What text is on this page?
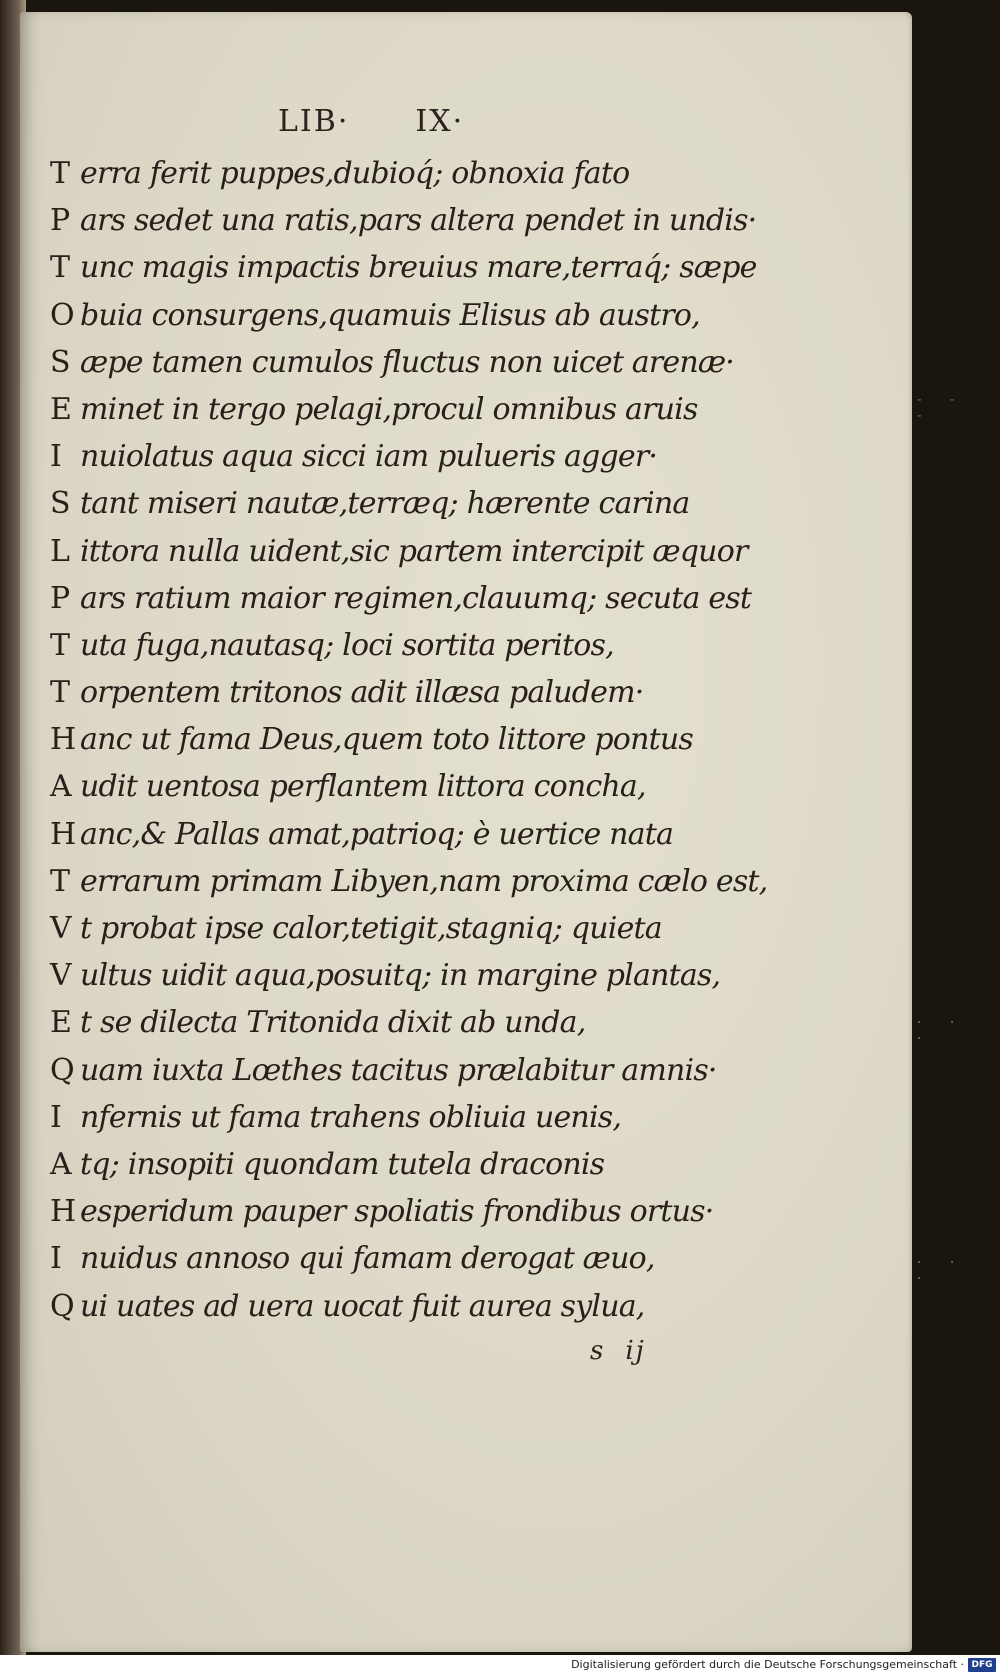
- - -
· · ·
· · ·
LIB· IX·
T erra ferit puppes,dubioq́; obnoxia fato
P ars sedet una ratis,pars altera pendet in undis·
T unc magis impactis breuius mare,terraq́; sæpe
O buia consurgens,quamuis Elisus ab austro,
S æpe tamen cumulos fluctus non uicet arenæ·
E minet in tergo pelagi,procul omnibus aruis
I nuiolatus aqua sicci iam pulueris agger·
S tant miseri nautæ,terræq; hærente carina
L ittora nulla uident,sic partem intercipit æquor
P ars ratium maior regimen,clauumq; secuta est
T uta fuga,nautasq; loci sortita peritos,
T orpentem tritonos adit illæsa paludem·
H anc ut fama Deus,quem toto littore pontus
A udit uentosa perflantem littora concha,
H anc,& Pallas amat,patrioq; è uertice nata
T errarum primam Libyen,nam proxima cælo est,
V t probat ipse calor,tetigit,stagniq; quieta
V ultus uidit aqua,posuitq; in margine plantas,
E t se dilecta Tritonida dixit ab unda,
Q uam iuxta Lœthes tacitus prælabitur amnis·
I nfernis ut fama trahens obliuia uenis,
A tq; insopiti quondam tutela draconis
H esperidum pauper spoliatis frondibus ortus·
I nuidus annoso qui famam derogat æuo,
Q ui uates ad uera uocat fuit aurea sylua,
s ij
Digitalisierung gefördert durch die Deutsche Forschungsgemeinschaft · DFG
